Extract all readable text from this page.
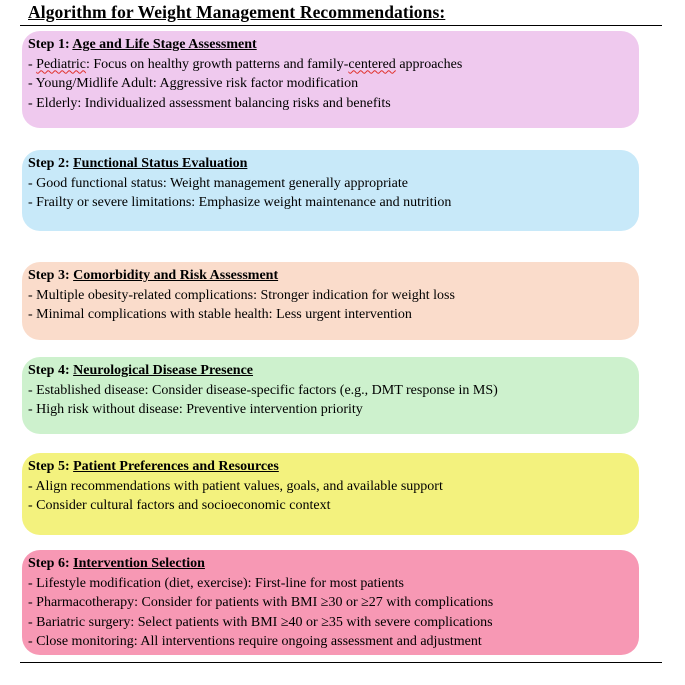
Algorithm for Weight Management Recommendations:
Step 1: Age and Life Stage Assessment
- Pediatric: Focus on healthy growth patterns and family-centered approaches
- Young/Midlife Adult: Aggressive risk factor modification
- Elderly: Individualized assessment balancing risks and benefits
Step 2: Functional Status Evaluation
- Good functional status: Weight management generally appropriate
- Frailty or severe limitations: Emphasize weight maintenance and nutrition
Step 3: Comorbidity and Risk Assessment
- Multiple obesity-related complications: Stronger indication for weight loss
- Minimal complications with stable health: Less urgent intervention
Step 4: Neurological Disease Presence
- Established disease: Consider disease-specific factors (e.g., DMT response in MS)
- High risk without disease: Preventive intervention priority
Step 5: Patient Preferences and Resources
- Align recommendations with patient values, goals, and available support
- Consider cultural factors and socioeconomic context
Step 6: Intervention Selection
- Lifestyle modification (diet, exercise): First-line for most patients
- Pharmacotherapy: Consider for patients with BMI ≥30 or ≥27 with complications
- Bariatric surgery: Select patients with BMI ≥40 or ≥35 with severe complications
- Close monitoring: All interventions require ongoing assessment and adjustment
